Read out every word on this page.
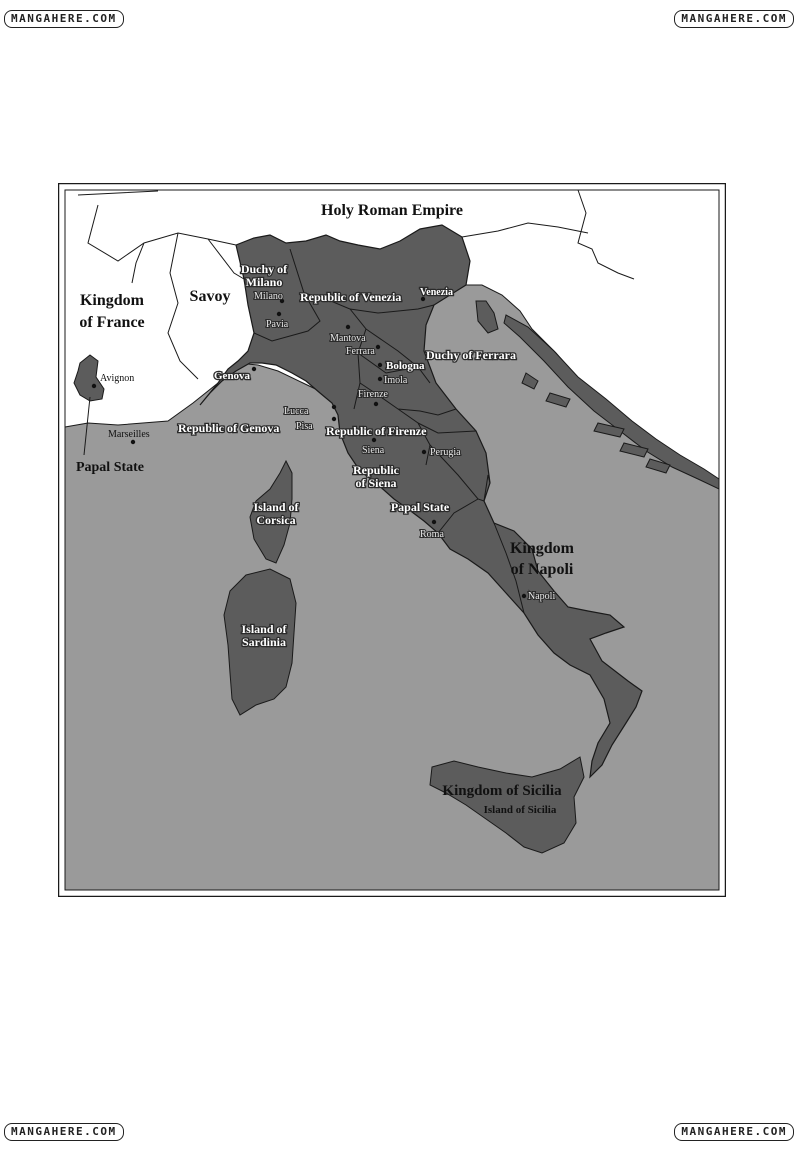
MANGAHERE.COM	MANGAHERE.COM
MANGAHERE.COM	MANGAHERE.COM
Holy Roman Empire
Kingdom
of France
Savoy
Duchy of
Milano
Republic of Venezia
Duchy of Ferrara
Republic of Genova	Republic of Firenze
Republic
of Siena
Papal State
Papal State
Island of
Corsica
Island of
Sardinia
Kingdom
of Napoli
Kingdom of Sicilia
Island of Sicilia
Milano
Pavia
Venezia
Mantova
Ferrara
Bologna
Imola
Firenze
Genova
Lucca
Pisa
Siena	Perugia
Roma
Napoli
Avignon
Marseilles
